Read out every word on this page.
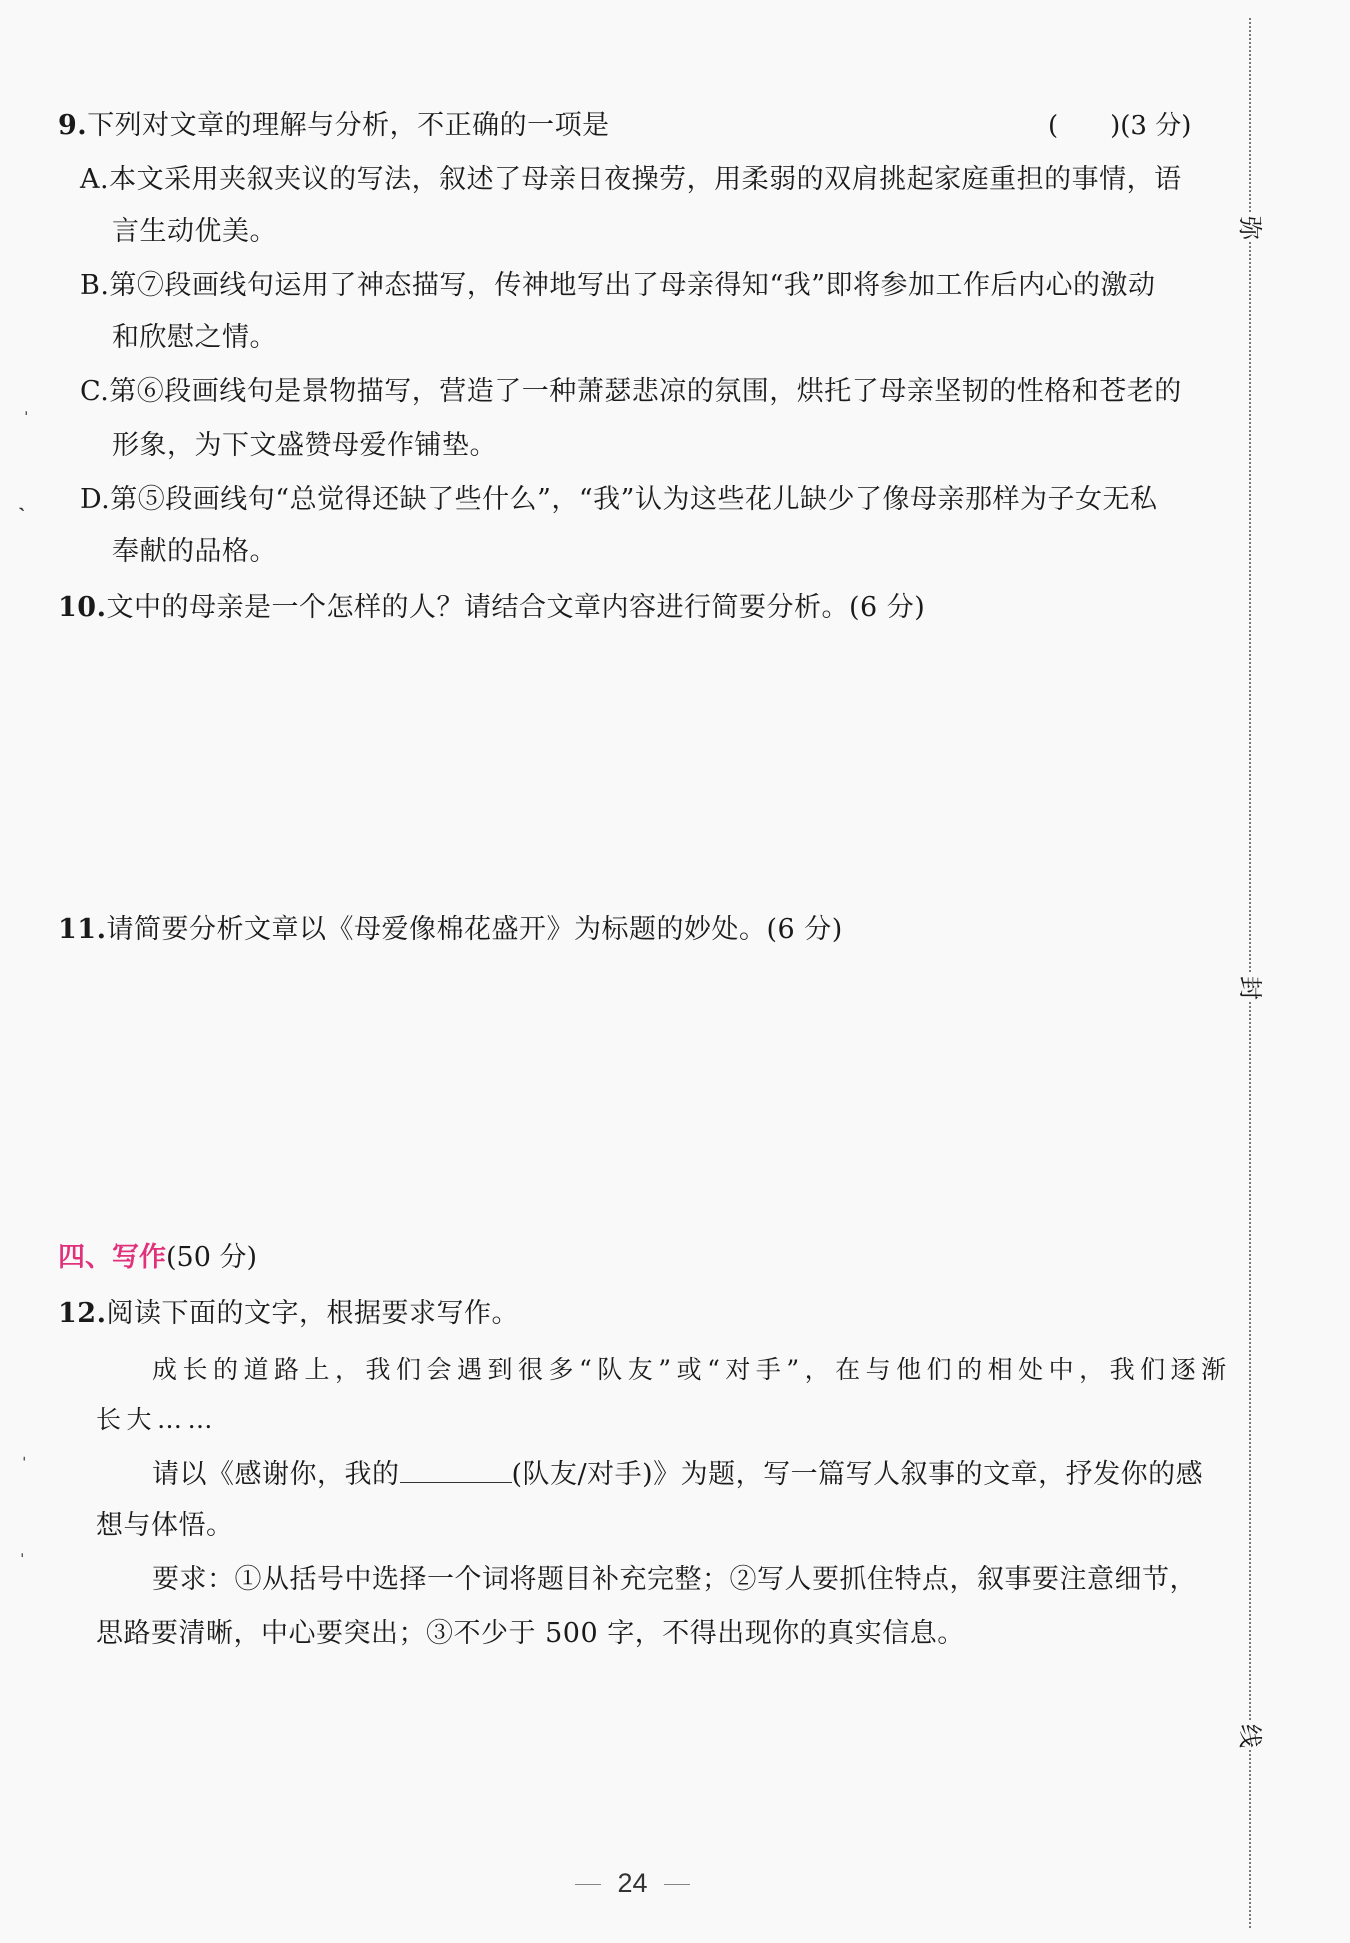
9.下列对文章的理解与分析，不正确的一项是	(　　)(3 分)
A.本文采用夹叙夹议的写法，叙述了母亲日夜操劳，用柔弱的双肩挑起家庭重担的事情，语
言生动优美。
B.第⑦段画线句运用了神态描写，传神地写出了母亲得知“我”即将参加工作后内心的激动
和欣慰之情。
C.第⑥段画线句是景物描写，营造了一种萧瑟悲凉的氛围，烘托了母亲坚韧的性格和苍老的
形象，为下文盛赞母爱作铺垫。
D.第⑤段画线句“总觉得还缺了些什么”，“我”认为这些花儿缺少了像母亲那样为子女无私
奉献的品格。
10.文中的母亲是一个怎样的人？请结合文章内容进行简要分析。(6 分)
11.请简要分析文章以《母爱像棉花盛开》为标题的妙处。(6 分)
四、写作(50 分)
12.阅读下面的文字，根据要求写作。
成长的道路上，我们会遇到很多“队友”或“对手”，在与他们的相处中，我们逐渐
长大……
请以《感谢你，我的	(队友/对手)》为题，写一篇写人叙事的文章，抒发你的感
想与体悟。
要求：①从括号中选择一个词将题目补充完整；②写人要抓住特点，叙事要注意细节，
思路要清晰，中心要突出；③不少于 500 字，不得出现你的真实信息。
弥
封
线
ˌ
ˎ
ˈ
ˌ
24
